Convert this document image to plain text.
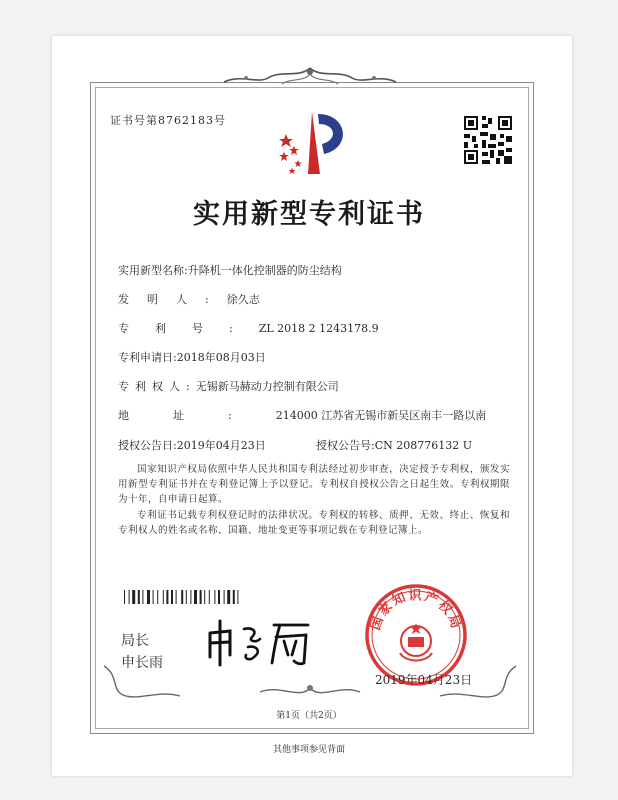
证书号第8762183号
实用新型专利证书
实用新型名称:升降机一体化控制器的防尘结构
发明人:徐久志
专利号:ZL 2018 2 1243178.9
专利申请日:2018年08月03日
专利权人:无锡新马赫动力控制有限公司
地址:214000 江苏省无锡市新吴区南丰一路以南
授权公告日:2019年04月23日	授权公告号:CN 208776132 U
国家知识产权局依照中华人民共和国专利法经过初步审查，决定授予专利权，颁发实用新型专利证书并在专利登记簿上予以登记。专利权自授权公告之日起生效。专利权期限为十年，自申请日起算。
专利证书记载专利权登记时的法律状况。专利权的转移、质押、无效、终止、恢复和专利权人的姓名或名称、国籍、地址变更等事项记载在专利登记簿上。
局长
申长雨
国家知识产权局
2019年04月23日
第1页（共2页）
其他事项参见背面
